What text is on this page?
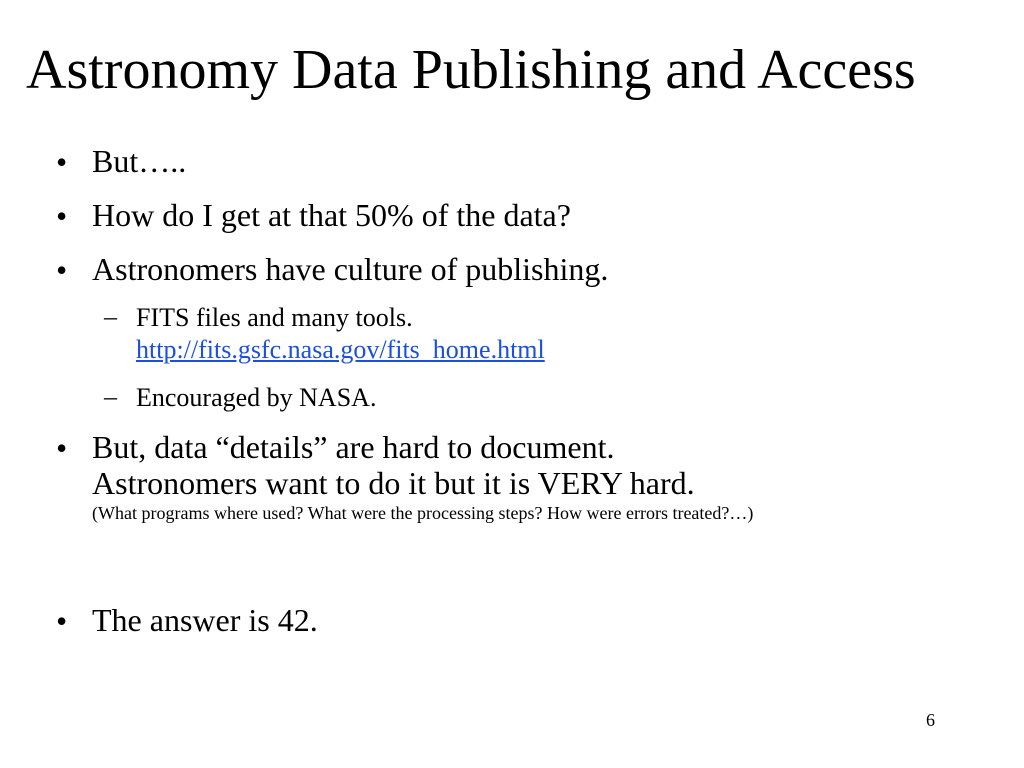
Astronomy Data Publishing and Access
• But…..
• How do I get at that 50% of the data?
• Astronomers have culture of publishing.
– FITS files and many tools.
http://fits.gsfc.nasa.gov/fits_home.html
– Encouraged by NASA.
• But, data “details” are hard to document.
Astronomers want to do it but it is VERY hard.
(What programs where used? What were the processing steps? How were errors treated?…)
• The answer is 42.
6
